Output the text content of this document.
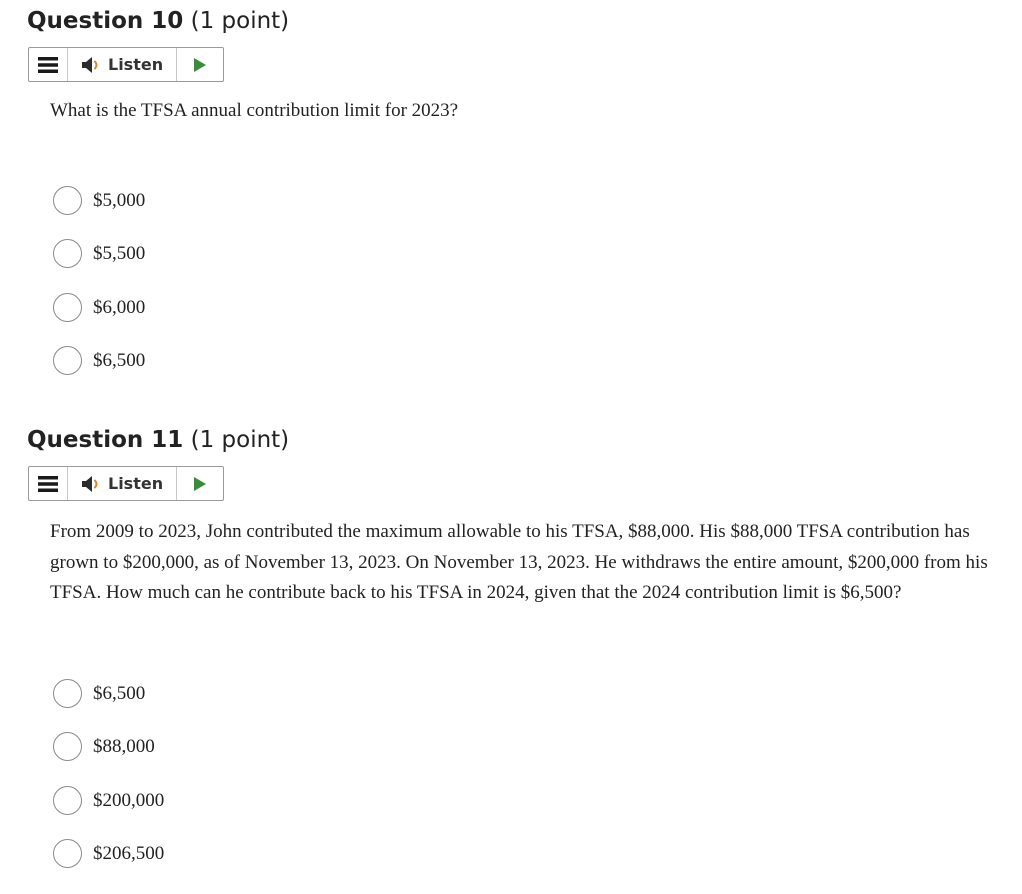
Question 10 (1 point)
Listen
What is the TFSA annual contribution limit for 2023?
$5,000
$5,500
$6,000
$6,500
Question 11 (1 point)
Listen
From 2009 to 2023, John contributed the maximum allowable to his TFSA, $88,000. His $88,000 TFSA contribution has grown to $200,000, as of November 13, 2023. On November 13, 2023. He withdraws the entire amount, $200,000 from his TFSA. How much can he contribute back to his TFSA in 2024, given that the 2024 contribution limit is $6,500?
$6,500
$88,000
$200,000
$206,500
